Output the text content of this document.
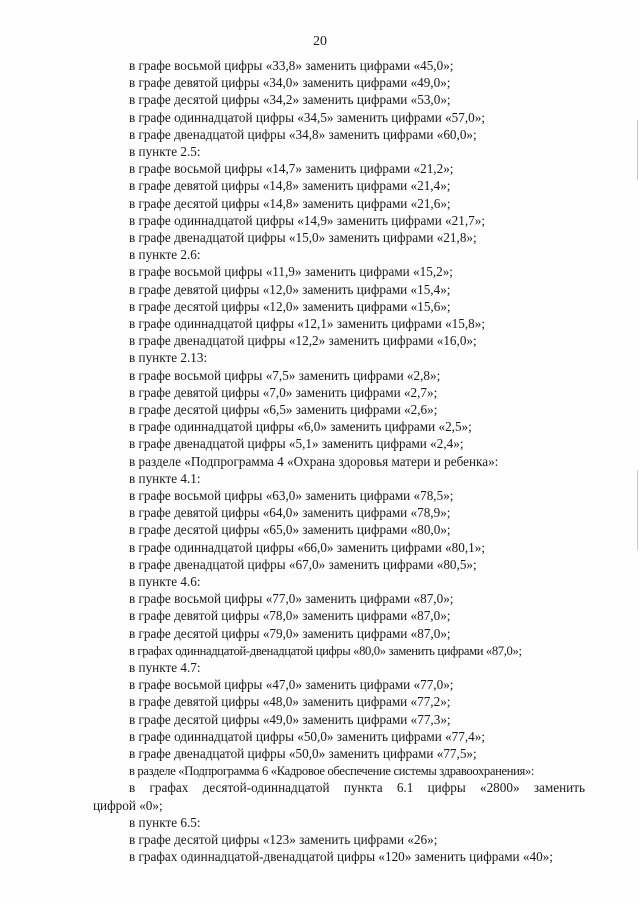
20
в графе восьмой цифры «33,8» заменить цифрами «45,0»;
в графе девятой цифры «34,0» заменить цифрами «49,0»;
в графе десятой цифры «34,2» заменить цифрами «53,0»;
в графе одиннадцатой цифры «34,5» заменить цифрами «57,0»;
в графе двенадцатой цифры «34,8» заменить цифрами «60,0»;
в пункте 2.5:
в графе восьмой цифры «14,7» заменить цифрами «21,2»;
в графе девятой цифры «14,8» заменить цифрами «21,4»;
в графе десятой цифры «14,8» заменить цифрами «21,6»;
в графе одиннадцатой цифры «14,9» заменить цифрами «21,7»;
в графе двенадцатой цифры «15,0» заменить цифрами «21,8»;
в пункте 2.6:
в графе восьмой цифры «11,9» заменить цифрами «15,2»;
в графе девятой цифры «12,0» заменить цифрами «15,4»;
в графе десятой цифры «12,0» заменить цифрами «15,6»;
в графе одиннадцатой цифры «12,1» заменить цифрами «15,8»;
в графе двенадцатой цифры «12,2» заменить цифрами «16,0»;
в пункте 2.13:
в графе восьмой цифры «7,5» заменить цифрами «2,8»;
в графе девятой цифры «7,0» заменить цифрами «2,7»;
в графе десятой цифры «6,5» заменить цифрами «2,6»;
в графе одиннадцатой цифры «6,0» заменить цифрами «2,5»;
в графе двенадцатой цифры «5,1» заменить цифрами «2,4»;
в разделе «Подпрограмма 4 «Охрана здоровья матери и ребенка»:
в пункте 4.1:
в графе восьмой цифры «63,0» заменить цифрами «78,5»;
в графе девятой цифры «64,0» заменить цифрами «78,9»;
в графе десятой цифры «65,0» заменить цифрами «80,0»;
в графе одиннадцатой цифры «66,0» заменить цифрами «80,1»;
в графе двенадцатой цифры «67,0» заменить цифрами «80,5»;
в пункте 4.6:
в графе восьмой цифры «77,0» заменить цифрами «87,0»;
в графе девятой цифры «78,0» заменить цифрами «87,0»;
в графе десятой цифры «79,0» заменить цифрами «87,0»;
в графах одиннадцатой-двенадцатой цифры «80,0» заменить цифрами «87,0»;
в пункте 4.7:
в графе восьмой цифры «47,0» заменить цифрами «77,0»;
в графе девятой цифры «48,0» заменить цифрами «77,2»;
в графе десятой цифры «49,0» заменить цифрами «77,3»;
в графе одиннадцатой цифры «50,0» заменить цифрами «77,4»;
в графе двенадцатой цифры «50,0» заменить цифрами «77,5»;
в разделе «Подпрограмма 6 «Кадровое обеспечение системы здравоохранения»:
в графах десятой-одиннадцатой пункта 6.1 цифры «2800» заменить
цифрой «0»;
в пункте 6.5:
в графе десятой цифры «123» заменить цифрами «26»;
в графах одиннадцатой-двенадцатой цифры «120» заменить цифрами «40»;
